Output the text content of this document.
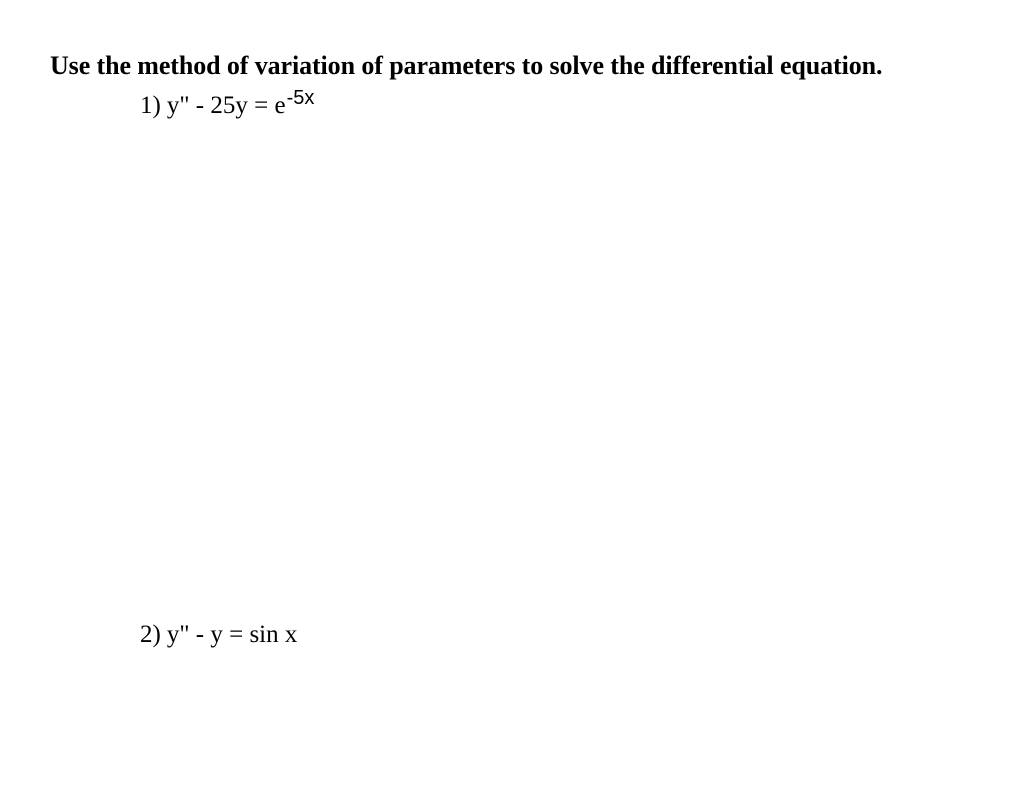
Use the method of variation of parameters to solve the differential equation.
1) y" - $25y = e^{-5x}$
2) y" - y = sin x
